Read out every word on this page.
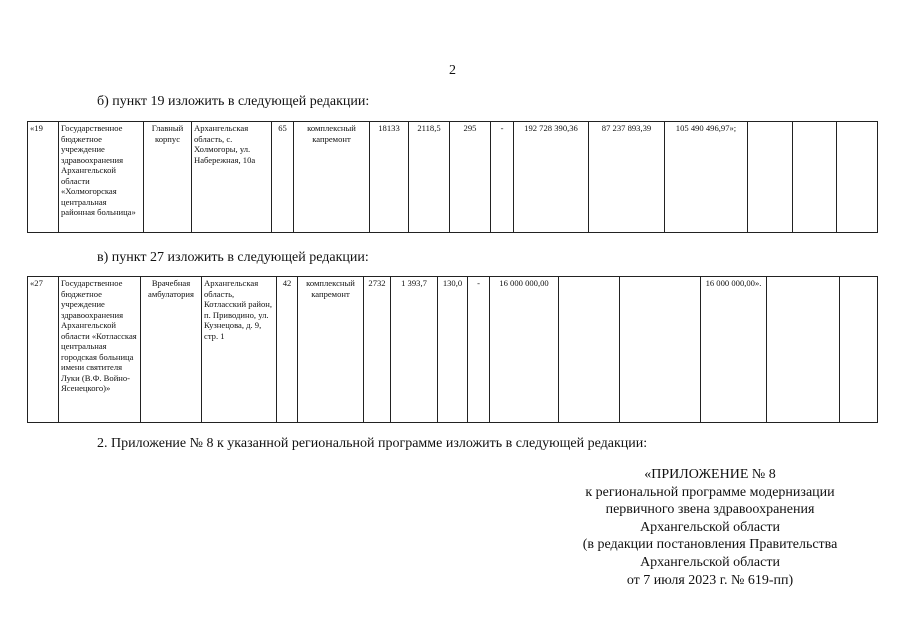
2
б) пункт 19 изложить в следующей редакции:
«19	Государственное бюджетное учреждение здравоохранения Архангельской области «Холмогорская центральная районная больница»	Главный корпус	Архангельская область, с. Холмогоры, ул. Набережная, 10а	65	комплексный капремонт	18133	2118,5	295	-	192 728 390,36	87 237 893,39	105 490 496,97»;			
в) пункт 27 изложить в следующей редакции:
«27	Государственное бюджетное учреждение здравоохранения Архангельской области «Котласская центральная городская больница имени святителя Луки (В.Ф. Войно-Ясенецкого)»	Врачебная амбулатория	Архангельская область, Котласский район, п. Приводино, ул. Кузнецова, д. 9, стр. 1	42	комплексный капремонт	2732	1 393,7	130,0	-	16 000 000,00			16 000 000,00».		
2. Приложение № 8 к указанной региональной программе изложить в следующей редакции:
«ПРИЛОЖЕНИЕ № 8
к региональной программе модернизации
первичного звена здравоохранения
Архангельской области
(в редакции постановления Правительства
Архангельской области
от 7 июля 2023 г. № 619-пп)
